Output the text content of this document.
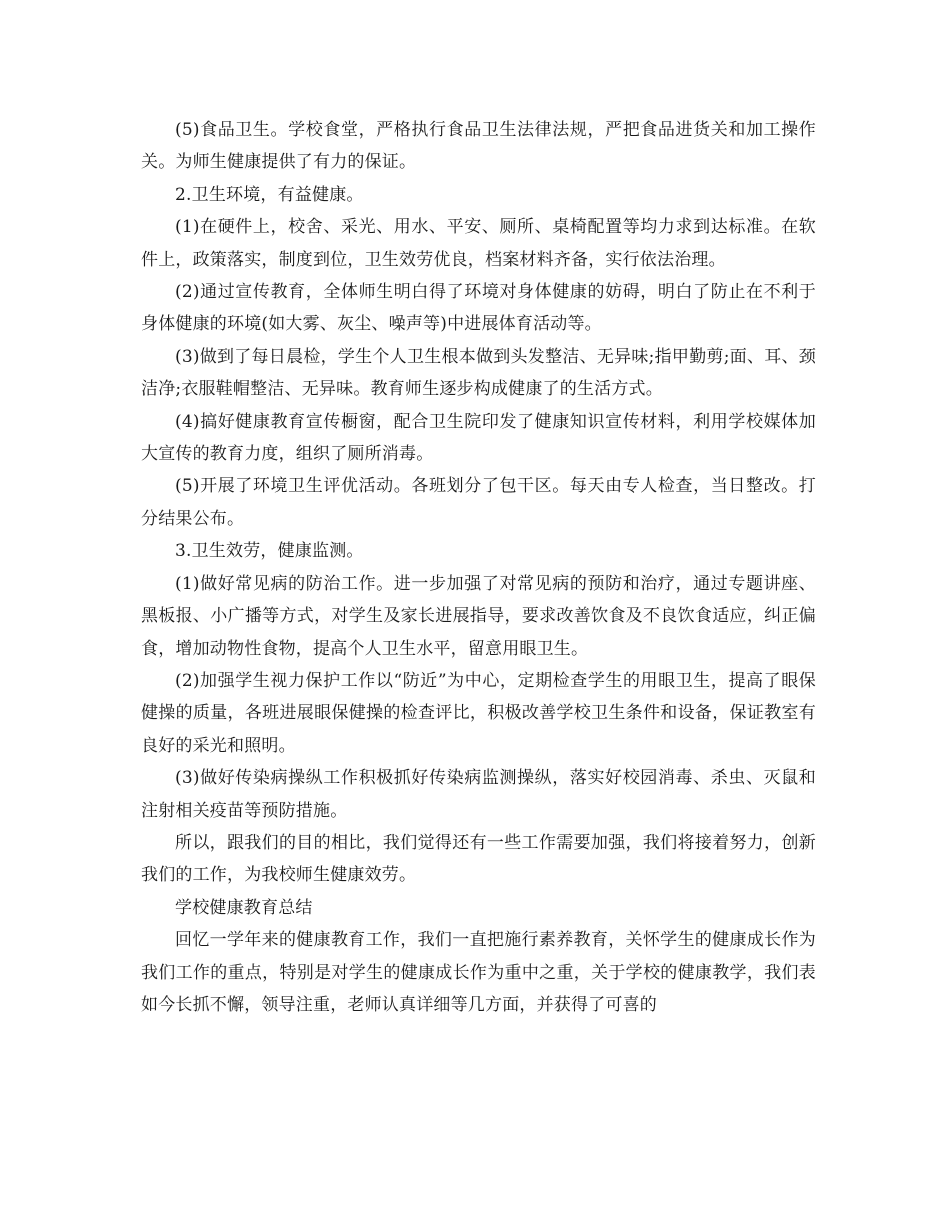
(5)食品卫生。学校食堂，严格执行食品卫生法律法规，严把食品进货关和加工操作关。为师生健康提供了有力的保证。

2.卫生环境，有益健康。

(1)在硬件上，校舍、采光、用水、平安、厕所、桌椅配置等均力求到达标准。在软件上，政策落实，制度到位，卫生效劳优良，档案材料齐备，实行依法治理。

(2)通过宣传教育，全体师生明白得了环境对身体健康的妨碍，明白了防止在不利于身体健康的环境(如大雾、灰尘、噪声等)中进展体育活动等。

(3)做到了每日晨检，学生个人卫生根本做到头发整洁、无异味;指甲勤剪;面、耳、颈洁净;衣服鞋帽整洁、无异味。教育师生逐步构成健康了的生活方式。

(4)搞好健康教育宣传橱窗，配合卫生院印发了健康知识宣传材料，利用学校媒体加大宣传的教育力度，组织了厕所消毒。

(5)开展了环境卫生评优活动。各班划分了包干区。每天由专人检查，当日整改。打分结果公布。

3.卫生效劳，健康监测。

(1)做好常见病的防治工作。进一步加强了对常见病的预防和治疗，通过专题讲座、黑板报、小广播等方式，对学生及家长进展指导，要求改善饮食及不良饮食适应，纠正偏食，增加动物性食物，提高个人卫生水平，留意用眼卫生。

(2)加强学生视力保护工作以“防近”为中心，定期检查学生的用眼卫生，提高了眼保健操的质量，各班进展眼保健操的检查评比，积极改善学校卫生条件和设备，保证教室有良好的采光和照明。

(3)做好传染病操纵工作积极抓好传染病监测操纵，落实好校园消毒、杀虫、灭鼠和注射相关疫苗等预防措施。

所以，跟我们的目的相比，我们觉得还有一些工作需要加强，我们将接着努力，创新我们的工作，为我校师生健康效劳。

学校健康教育总结

回忆一学年来的健康教育工作，我们一直把施行素养教育，关怀学生的健康成长作为我们工作的重点，特别是对学生的健康成长作为重中之重，关于学校的健康教学，我们表如今长抓不懈，领导注重，老师认真详细等几方面，并获得了可喜的
